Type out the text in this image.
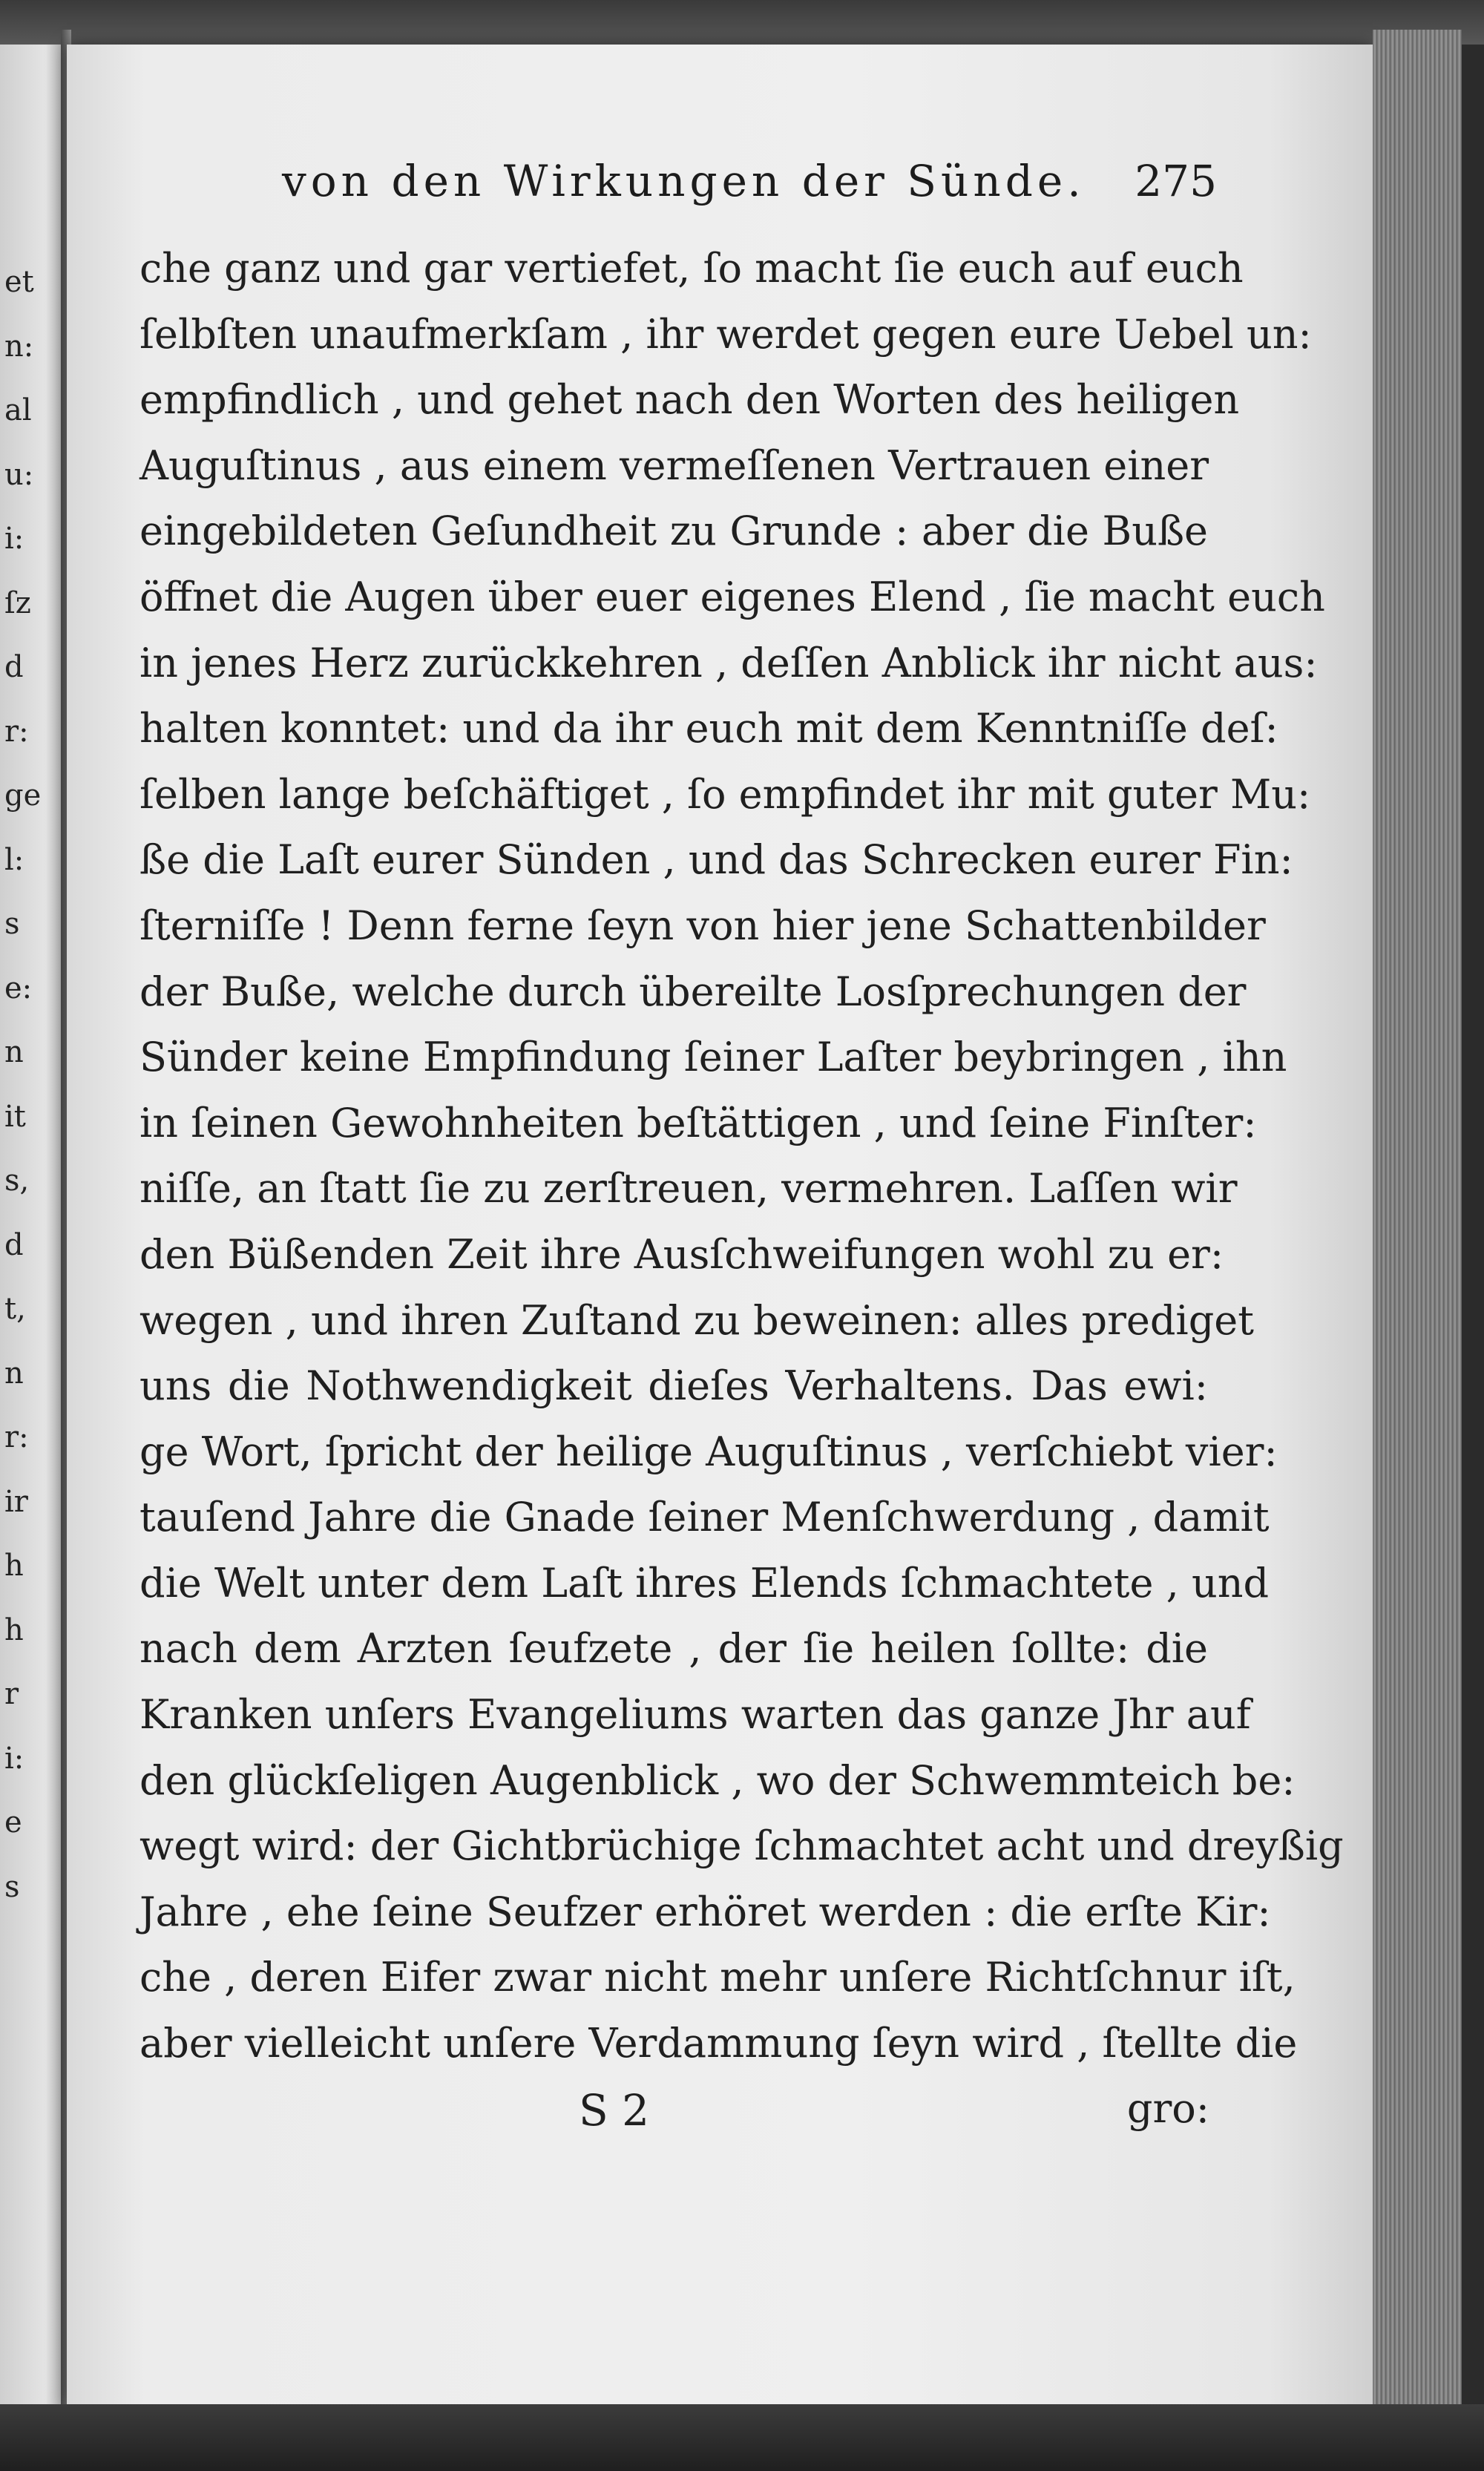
et
n:
al
u:
i:
ſz
d
r:
ge
l:
s
e:
n
it
s,
d
t,
n
r:
ir
h
h
r
i:
e
s
von den Wirkungen der Sünde.	275
che ganz und gar vertiefet, ſo macht ſie euch auf euch
ſelbſten unaufmerkſam , ihr werdet gegen eure Uebel un:
empfindlich , und gehet nach den Worten des heiligen
Auguſtinus , aus einem vermeſſenen Vertrauen einer
eingebildeten Geſundheit zu Grunde : aber die Buße
öffnet die Augen über euer eigenes Elend , ſie macht euch
in jenes Herz zurückkehren , deſſen Anblick ihr nicht aus:
halten konntet: und da ihr euch mit dem Kenntniſſe deſ:
ſelben lange beſchäftiget , ſo empfindet ihr mit guter Mu:
ße die Laſt eurer Sünden , und das Schrecken eurer Fin:
ſterniſſe ! Denn ferne ſeyn von hier jene Schattenbilder
der Buße, welche durch übereilte Losſprechungen der
Sünder keine Empfindung ſeiner Laſter beybringen , ihn
in ſeinen Gewohnheiten beſtättigen , und ſeine Finſter:
niſſe, an ſtatt ſie zu zerſtreuen, vermehren. Laſſen wir
den Büßenden Zeit ihre Ausſchweifungen wohl zu er:
wegen , und ihren Zuſtand zu beweinen: alles prediget
uns die Nothwendigkeit dieſes Verhaltens. Das ewi:
ge Wort, ſpricht der heilige Auguſtinus , verſchiebt vier:
tauſend Jahre die Gnade ſeiner Menſchwerdung , damit
die Welt unter dem Laſt ihres Elends ſchmachtete , und
nach dem Arzten ſeufzete , der ſie heilen ſollte: die
Kranken unſers Evangeliums warten das ganze Jhr auf
den glückſeligen Augenblick , wo der Schwemmteich be:
wegt wird: der Gichtbrüchige ſchmachtet acht und dreyßig
Jahre , ehe ſeine Seufzer erhöret werden : die erſte Kir:
che , deren Eifer zwar nicht mehr unſere Richtſchnur iſt,
aber vielleicht unſere Verdammung ſeyn wird , ſtellte die
S 2	gro:
